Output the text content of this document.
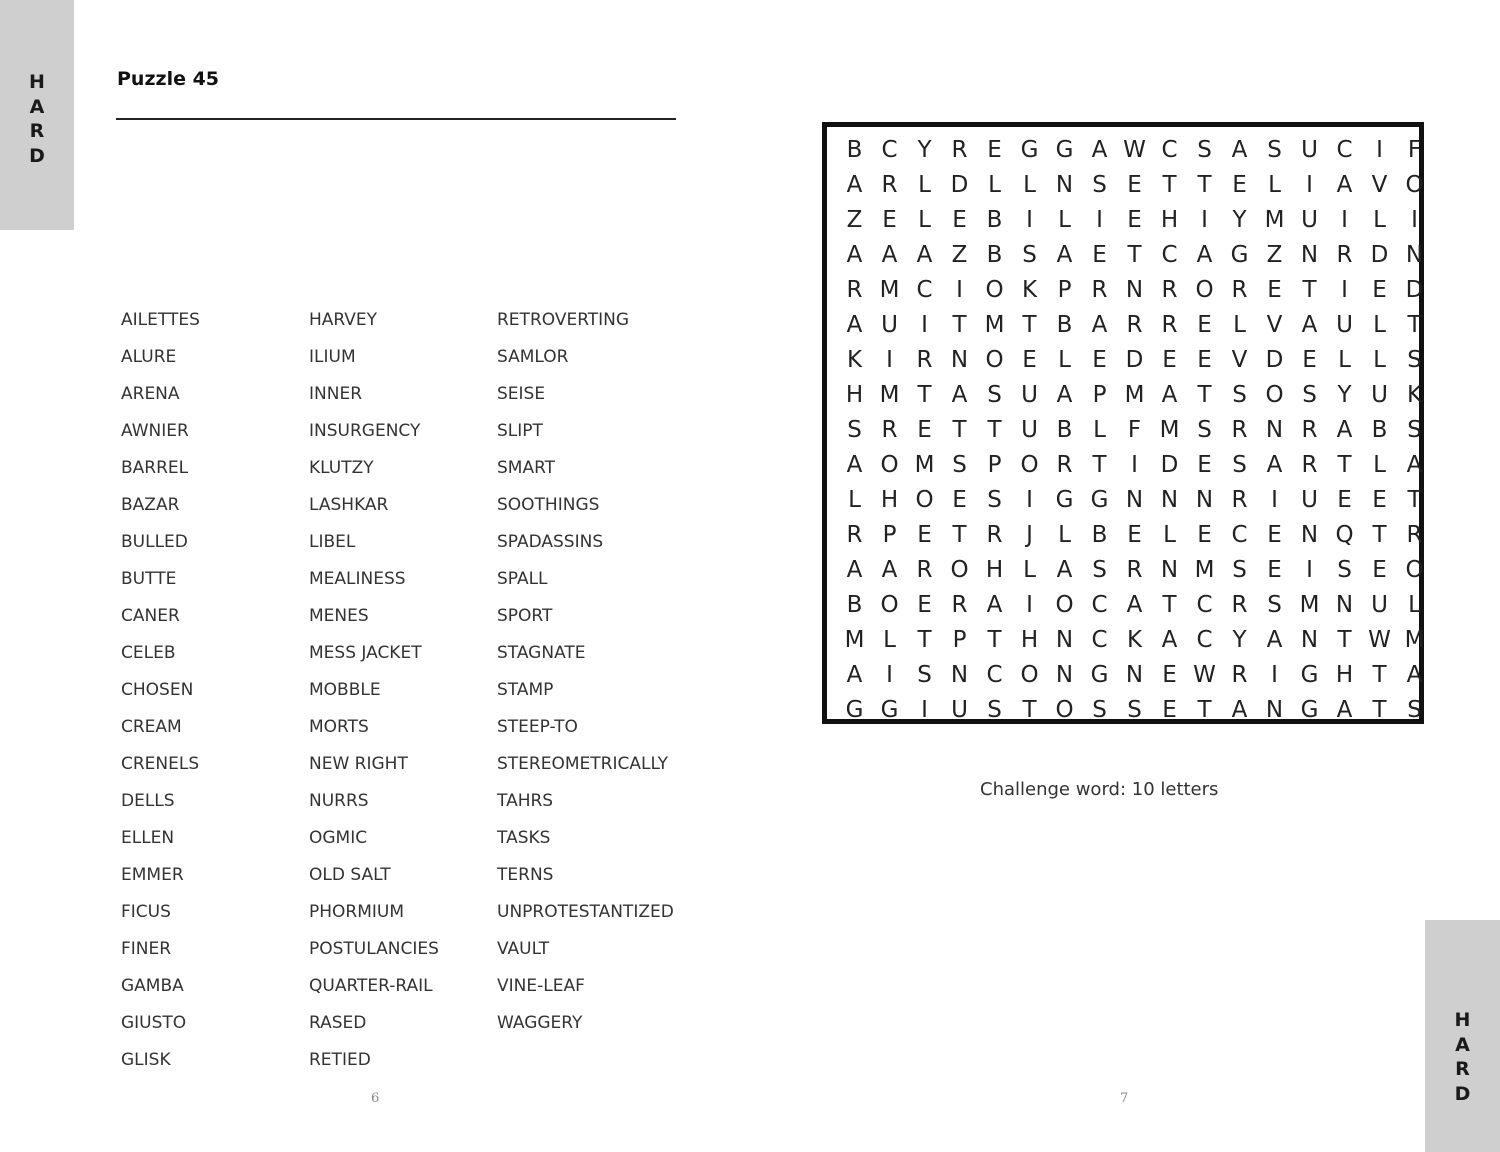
H
A
R
D
Puzzle 45
AILETTES
ALURE
ARENA
AWNIER
BARREL
BAZAR
BULLED
BUTTE
CANER
CELEB
CHOSEN
CREAM
CRENELS
DELLS
ELLEN
EMMER
FICUS
FINER
GAMBA
GIUSTO
GLISK
HARVEY
ILIUM
INNER
INSURGENCY
KLUTZY
LASHKAR
LIBEL
MEALINESS
MENES
MESS JACKET
MOBBLE
MORTS
NEW RIGHT
NURRS
OGMIC
OLD SALT
PHORMIUM
POSTULANCIES
QUARTER-RAIL
RASED
RETIED
RETROVERTING
SAMLOR
SEISE
SLIPT
SMART
SOOTHINGS
SPADASSINS
SPALL
SPORT
STAGNATE
STAMP
STEEP-TO
STEREOMETRICALLY
TAHRS
TASKS
TERNS
UNPROTESTANTIZED
VAULT
VINE-LEAF
WAGGERY
B C Y R E G G A W C S A S U C	I	F
A R L D L L N S E T T E L	I	A V O
Z E L E B	I	L	I	E H I	Y M U	I	L	I
A A A Z B S A E T C A G Z N R D N
R M C	I O K P R N R O R E T	I	E D
A U	I	T M T B A R R E L V A U L T
K	I	R N O E L E D E E V D E L L S
H M T A S U A P M A T S O S Y U K
S R E T T U B L F M S R N R A B S
A O M S P O R T	I D E S A R T L A
L H O E S	I G G N N N R	I	U E E T
R P E T R	J	L B E L E C E N Q T R
A A R O H L A S R N M S E	I	S E O
B O E R A	I O C A T C R S M N U L
M L T P T H N C K A C Y A N T W M
A	I	S N C O N G N E W R	I G H T A
G G I	U S T O S S E T A N G A T S
Challenge word: 10 letters
6	7
H
A
R
D
